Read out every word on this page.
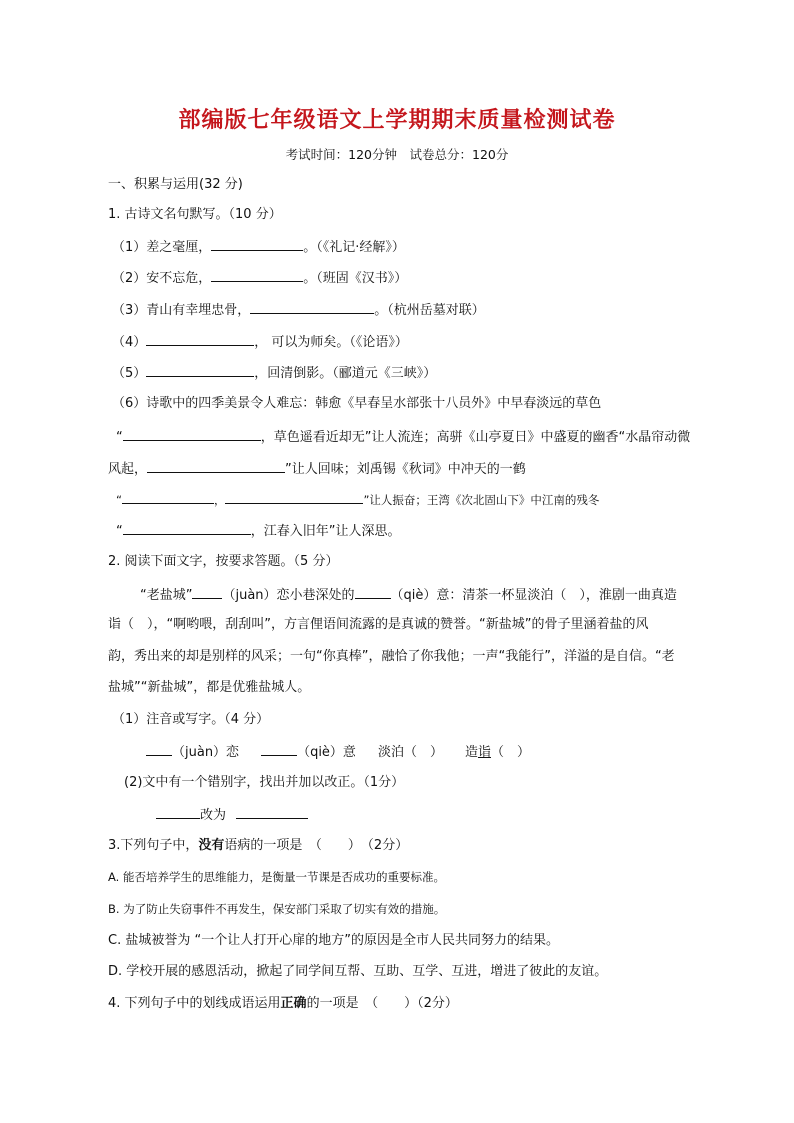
部编版七年级语文上学期期末质量检测试卷
考试时间：120分钟　试卷总分：120分
一、积累与运用(32 分)
1. 古诗文名句默写。（10 分）
（1）差之毫厘，	。（《礼记·经解》）
（2）安不忘危，	。（班固《汉书》）
（3）青山有幸埋忠骨，	。（杭州岳墓对联）
（4）	， 可以为师矣。（《论语》）
（5）	，回清倒影。（郦道元《三峡》）
（6）诗歌中的四季美景令人难忘：韩愈《早春呈水部张十八员外》中早春淡远的草色
“	，草色遥看近却无”让人流连；高骈《山亭夏日》中盛夏的幽香“水晶帘动微
风起，	”让人回味；刘禹锡《秋词》中冲天的一鹤
“	，	”让人振奋；王湾《次北固山下》中江南的残冬
“	，江春入旧年”让人深思。
2. 阅读下面文字，按要求答题。（5 分）
“老盐城” （juàn）恋小巷深处的	（qiè）意：清茶一杯显淡泊（　），淮剧一曲真造
诣（　），“啊哟喂，刮刮叫”，方言俚语间流露的是真诚的赞誉。“新盐城”的骨子里涵着盐的风
韵，秀出来的却是别样的风采；一句“你真棒”，融恰了你我他；一声“我能行”，洋溢的是自信。“老
盐城”“新盐城”，都是优雅盐城人。
（1）注音或写字。（4 分）
（juàn）恋	（qiè）意 淡泊（　） 造诣（　）
(2)文中有一个错别字，找出并加以改正。（1分）
改为
3.下列句子中，没有语病的一项是　（　　）　（2分）
A. 能否培养学生的思维能力，是衡量一节课是否成功的重要标准。
B. 为了防止失窃事件不再发生，保安部门采取了切实有效的措施。
C. 盐城被誉为 “一个让人打开心扉的地方”的原因是全市人民共同努力的结果。
D. 学校开展的感恩活动，掀起了同学间互帮、互助、互学、互进，增进了彼此的友谊。
4. 下列句子中的划线成语运用正确的一项是　（　　）（2分）
